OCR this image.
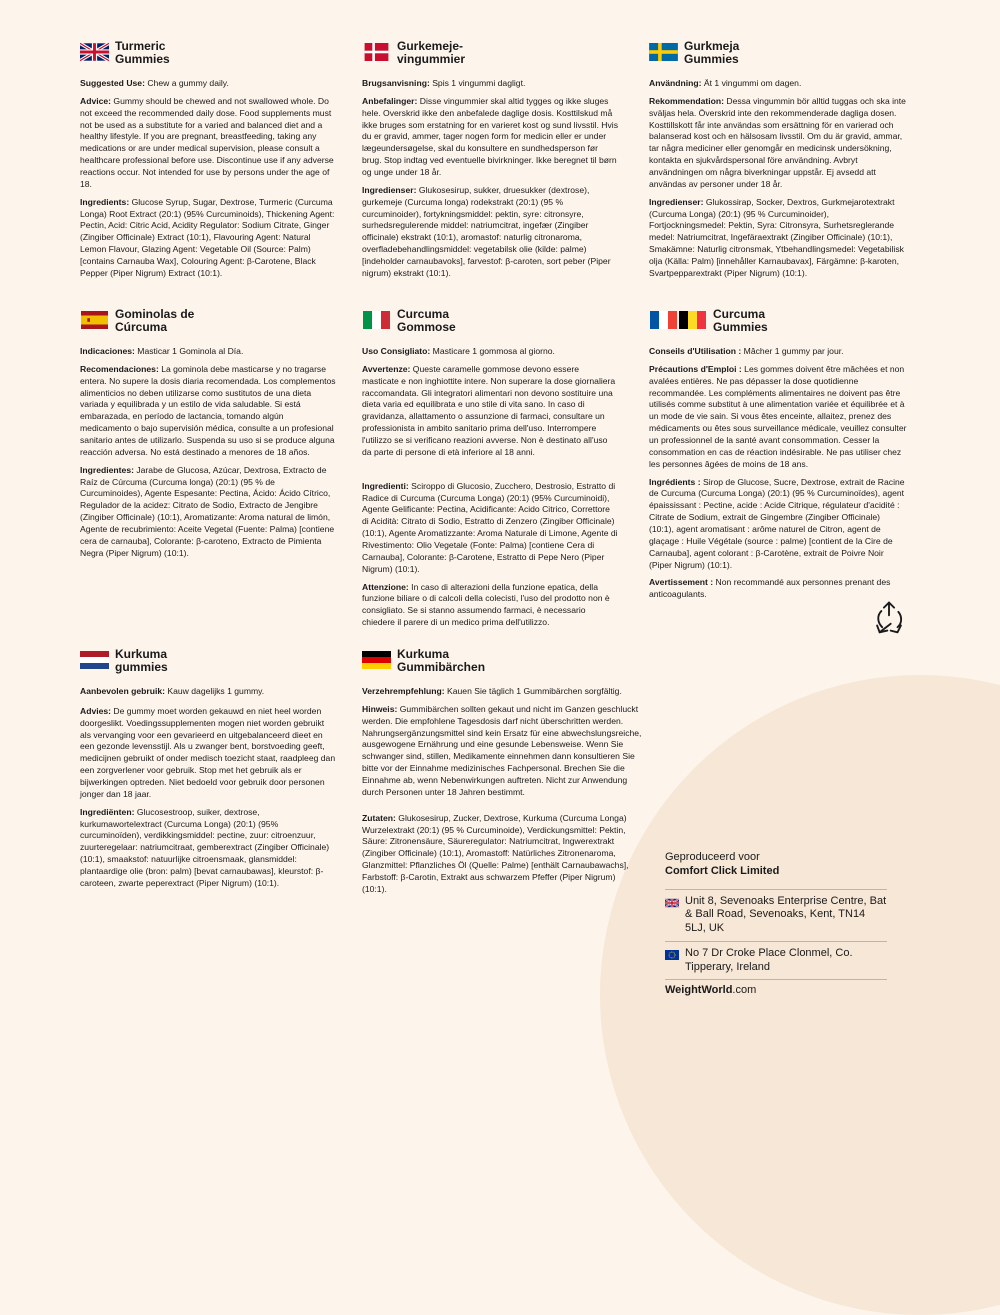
Turmeric
Gummies

Suggested Use: Chew a gummy daily.

Advice: Gummy should be chewed and not swallowed whole. Do not exceed the recommended daily dose. Food supplements must not be used as a substitute for a varied and balanced diet and a healthy lifestyle. If you are pregnant, breastfeeding, taking any medications or are under medical supervision, please consult a healthcare professional before use. Discontinue use if any adverse reactions occur. Not intended for use by persons under the age of 18.

Ingredients: Glucose Syrup, Sugar, Dextrose, Turmeric (Curcuma Longa) Root Extract (20:1) (95% Curcuminoids), Thickening Agent: Pectin, Acid: Citric Acid, Acidity Regulator: Sodium Citrate, Ginger (Zingiber Officinale) Extract (10:1), Flavouring Agent: Natural Lemon Flavour, Glazing Agent: Vegetable Oil (Source: Palm) [contains Carnauba Wax], Colouring Agent: β-Carotene, Black Pepper (Piper Nigrum) Extract (10:1).

Gurkemeje-
vingummier

Brugsanvisning: Spis 1 vingummi dagligt.

Anbefalinger: Disse vingummier skal altid tygges og ikke sluges hele. Overskrid ikke den anbefalede daglige dosis. Kosttilskud må ikke bruges som erstatning for en varieret kost og sund livsstil. Hvis du er gravid, ammer, tager nogen form for medicin eller er under lægeundersøgelse, skal du konsultere en sundhedsperson før brug. Stop indtag ved eventuelle bivirkninger. Ikke beregnet til børn og unge under 18 år.

Ingredienser: Glukosesirup, sukker, druesukker (dextrose), gurkemeje (Curcuma longa) rodekstrakt (20:1) (95 % curcuminoider), fortykningsmiddel: pektin, syre: citronsyre, surhedsregulerende middel: natriumcitrat, ingefær (Zingiber officinale) ekstrakt (10:1), aromastof: naturlig citronaroma, overfladebehandlingsmiddel: vegetabilsk olie (kilde: palme) [indeholder carnaubavoks], farvestof: β-caroten, sort peber (Piper nigrum) ekstrakt (10:1).

Gurkmeja
Gummies

Användning: Ät 1 vingummi om dagen.

Rekommendation: Dessa vingummin bör alltid tuggas och ska inte sväljas hela. Överskrid inte den rekommenderade dagliga dosen. Kosttillskott får inte användas som ersättning för en varierad och balanserad kost och en hälsosam livsstil. Om du är gravid, ammar, tar några mediciner eller genomgår en medicinsk undersökning, kontakta en sjukvårdspersonal före användning. Avbryt användningen om några biverkningar uppstår. Ej avsedd att användas av personer under 18 år.

Ingredienser: Glukossirap, Socker, Dextros, Gurkmejarotextrakt (Curcuma Longa) (20:1) (95 % Curcuminoider), Fortjockningsmedel: Pektin, Syra: Citronsyra, Surhetsreglerande medel: Natriumcitrat, Ingefäraextrakt (Zingiber Officinale) (10:1), Smakämne: Naturlig citronsmak, Ytbehandlingsmedel: Vegetabilisk olja (Källa: Palm) [innehåller Karnaubavax], Färgämne: β-karoten, Svartpepparextrakt (Piper Nigrum) (10:1).

Gominolas de
Cúrcuma

Indicaciones: Masticar 1 Gominola al Día.

Recomendaciones: La gominola debe masticarse y no tragarse entera. No supere la dosis diaria recomendada. Los complementos alimenticios no deben utilizarse como sustitutos de una dieta variada y equilibrada y un estilo de vida saludable. Si está embarazada, en período de lactancia, tomando algún medicamento o bajo supervisión médica, consulte a un profesional sanitario antes de utilizarlo. Suspenda su uso si se produce alguna reacción adversa. No está destinado a menores de 18 años.

Ingredientes: Jarabe de Glucosa, Azúcar, Dextrosa, Extracto de Raíz de Cúrcuma (Curcuma longa) (20:1) (95 % de Curcuminoides), Agente Espesante: Pectina, Ácido: Ácido Cítrico, Regulador de la acidez: Citrato de Sodio, Extracto de Jengibre (Zingiber Officinale) (10:1), Aromatizante: Aroma natural de limón, Agente de recubrimiento: Aceite Vegetal (Fuente: Palma) [contiene cera de carnauba], Colorante: β-caroteno, Extracto de Pimienta Negra (Piper Nigrum) (10:1).

Curcuma
Gommose

Uso Consigliato: Masticare 1 gommosa al giorno.

Avvertenze: Queste caramelle gommose devono essere masticate e non inghiottite intere. Non superare la dose giornaliera raccomandata. Gli integratori alimentari non devono sostituire una dieta varia ed equilibrata e uno stile di vita sano. In caso di gravidanza, allattamento o assunzione di farmaci, consultare un professionista in ambito sanitario prima dell'uso. Interrompere l'utilizzo se si verificano reazioni avverse. Non è destinato all'uso da parte di persone di età inferiore al 18 anni.

Ingredienti: Sciroppo di Glucosio, Zucchero, Destrosio, Estratto di Radice di Curcuma (Curcuma Longa) (20:1) (95% Curcuminoidi), Agente Gelificante: Pectina, Acidificante: Acido Citrico, Correttore di Acidità: Citrato di Sodio, Estratto di Zenzero (Zingiber Officinale) (10:1), Agente Aromatizzante: Aroma Naturale di Limone, Agente di Rivestimento: Olio Vegetale (Fonte: Palma) [contiene Cera di Carnauba], Colorante: β-Carotene, Estratto di Pepe Nero (Piper Nigrum) (10:1).

Attenzione: In caso di alterazioni della funzione epatica, della funzione biliare o di calcoli della colecisti, l'uso del prodotto non è consigliato. Se si stanno assumendo farmaci, è necessario chiedere il parere di un medico prima dell'utilizzo.

Curcuma
Gummies

Conseils d'Utilisation : Mâcher 1 gummy par jour.

Précautions d'Emploi : Les gommes doivent être mâchées et non avalées entières. Ne pas dépasser la dose quotidienne recommandée. Les compléments alimentaires ne doivent pas être utilisés comme substitut à une alimentation variée et équilibrée et à un mode de vie sain. Si vous êtes enceinte, allaitez, prenez des médicaments ou êtes sous surveillance médicale, veuillez consulter un professionnel de la santé avant consommation. Cesser la consommation en cas de réaction indésirable. Ne pas utiliser chez les personnes âgées de moins de 18 ans.

Ingrédients : Sirop de Glucose, Sucre, Dextrose, extrait de Racine de Curcuma (Curcuma Longa) (20:1) (95 % Curcuminoïdes), agent épaississant : Pectine, acide : Acide Citrique, régulateur d'acidité : Citrate de Sodium, extrait de Gingembre (Zingiber Officinale) (10:1), agent aromatisant : arôme naturel de Citron, agent de glaçage : Huile Végétale (source : palme) [contient de la Cire de Carnauba], agent colorant : β-Carotène, extrait de Poivre Noir (Piper Nigrum) (10:1).

Avertissement : Non recommandé aux personnes prenant des anticoagulants.

Kurkuma
gummies

Aanbevolen gebruik: Kauw dagelijks 1 gummy.

Advies: De gummy moet worden gekauwd en niet heel worden doorgeslikt. Voedingssupplementen mogen niet worden gebruikt als vervanging voor een gevarieerd en uitgebalanceerd dieet en een gezonde levensstijl. Als u zwanger bent, borstvoeding geeft, medicijnen gebruikt of onder medisch toezicht staat, raadpleeg dan een zorgverlener voor gebruik. Stop met het gebruik als er bijwerkingen optreden. Niet bedoeld voor gebruik door personen jonger dan 18 jaar.

Ingrediënten: Glucosestroop, suiker, dextrose, kurkumawortelextract (Curcuma Longa) (20:1) (95% curcuminoïden), verdikkingsmiddel: pectine, zuur: citroenzuur, zuurteregelaar: natriumcitraat, gemberextract (Zingiber Officinale) (10:1), smaakstof: natuurlijke citroensmaak, glansmiddel: plantaardige olie (bron: palm) [bevat carnaubawas], kleurstof: β-caroteen, zwarte peperextract (Piper Nigrum) (10:1).

Kurkuma
Gummibärchen

Verzehrempfehlung: Kauen Sie täglich 1 Gummibärchen sorgfältig.

Hinweis: Gummibärchen sollten gekaut und nicht im Ganzen geschluckt werden. Die empfohlene Tagesdosis darf nicht überschritten werden. Nahrungsergänzungsmittel sind kein Ersatz für eine abwechslungsreiche, ausgewogene Ernährung und eine gesunde Lebensweise. Wenn Sie schwanger sind, stillen, Medikamente einnehmen dann konsultieren Sie bitte vor der Einnahme medizinisches Fachpersonal. Brechen Sie die Einnahme ab, wenn Nebenwirkungen auftreten. Nicht zur Anwendung durch Personen unter 18 Jahren bestimmt.

Zutaten: Glukosesirup, Zucker, Dextrose, Kurkuma (Curcuma Longa) Wurzelextrakt (20:1) (95 % Curcuminoide), Verdickungsmittel: Pektin, Säure: Zitronensäure, Säureregulator: Natriumcitrat, Ingwerextrakt (Zingiber Officinale) (10:1), Aromastoff: Natürliches Zitronenaroma, Glanzmittel: Pflanzliches Öl (Quelle: Palme) [enthält Carnaubawachs], Farbstoff: β-Carotin, Extrakt aus schwarzem Pfeffer (Piper Nigrum) (10:1).

Geproduceerd voor
Comfort Click Limited
Unit 8, Sevenoaks Enterprise Centre, Bat & Ball Road, Sevenoaks, Kent, TN14 5LJ, UK
No 7 Dr Croke Place Clonmel, Co. Tipperary, Ireland
WeightWorld.com
